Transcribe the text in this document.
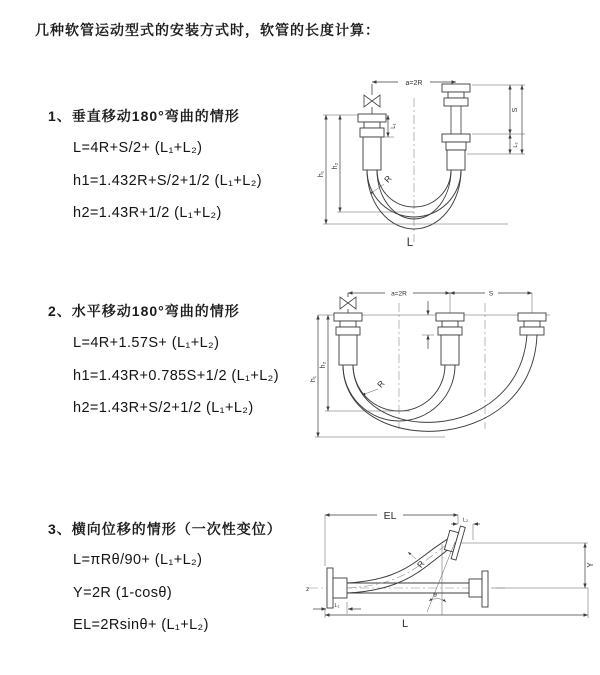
几种软管运动型式的安装方式时，软管的长度计算：
1、垂直移动180°弯曲的情形
L=4R+S/2+ (L₁+L₂)
h1=1.432R+S/2+1/2 (L₁+L₂)
h2=1.43R+1/2 (L₁+L₂)
a=2R
h₁
h₂
L₁
S
L₂
R
L
2、水平移动180°弯曲的情形
L=4R+1.57S+ (L₁+L₂)
h1=1.43R+0.785S+1/2 (L₁+L₂)
h2=1.43R+S/2+1/2 (L₁+L₂)
a=2R	S
h₁
h₂
R
3、横向位移的情形（一次性变位）
L=πRθ/90+ (L₁+L₂)
Y=2R (1-cosθ)
EL=2Rsinθ+ (L₁+L₂)
z
θ
R
EL	L₂
Y
L
L₁
